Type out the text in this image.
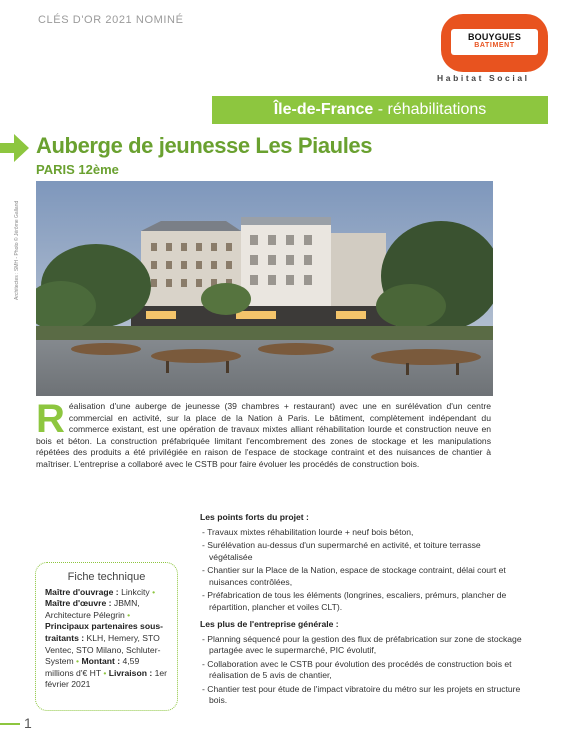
CLÉS D'OR 2021 NOMINÉ
BOUYGUES
BATIMENT
Habitat Social
Île-de-France - réhabilitations
Auberge de jeunesse Les Piaules
PARIS 12ème
Architectes : SMH - Photo © Jérôme Galland
Réalisation d'une auberge de jeunesse (39 chambres + restaurant) avec une en surélévation d'un centre commercial en activité, sur la place de la Nation à Paris. Le bâtiment, complètement indépendant du commerce existant, est une opération de travaux mixtes alliant réhabilitation lourde et construction neuve en bois et béton. La construction préfabriquée limitant l'encombrement des zones de stockage et les manipulations répétées des produits a été privilégiée en raison de l'espace de stockage contraint et des nuisances de chantier à maîtriser. L'entreprise a collaboré avec le CSTB pour faire évoluer les procédés de construction bois.
Fiche technique
Maître d'ouvrage : Linkcity • Maître d'œuvre : JBMN, Architecture Pélegrin • Principaux partenaires sous-traitants : KLH, Hemery, STO Ventec, STO Milano, Schluter-System • Montant : 4,59 millions d'€ HT • Livraison : 1er février 2021
Les points forts du projet :
- Travaux mixtes réhabilitation lourde + neuf bois béton,
- Surélévation au-dessus d'un supermarché en activité, et toiture terrasse végétalisée
- Chantier sur la Place de la Nation, espace de stockage contraint, délai court et nuisances contrôlées,
- Préfabrication de tous les éléments (longrines, escaliers, prémurs, plancher de répartition, plancher et voiles CLT).
Les plus de l'entreprise générale :
- Planning séquencé pour la gestion des flux de préfabrication sur zone de stockage partagée avec le supermarché, PIC évolutif,
- Collaboration avec le CSTB pour évolution des procédés de construction bois et réalisation de 5 avis de chantier,
- Chantier test pour étude de l'impact vibratoire du métro sur les projets en structure bois.
1
